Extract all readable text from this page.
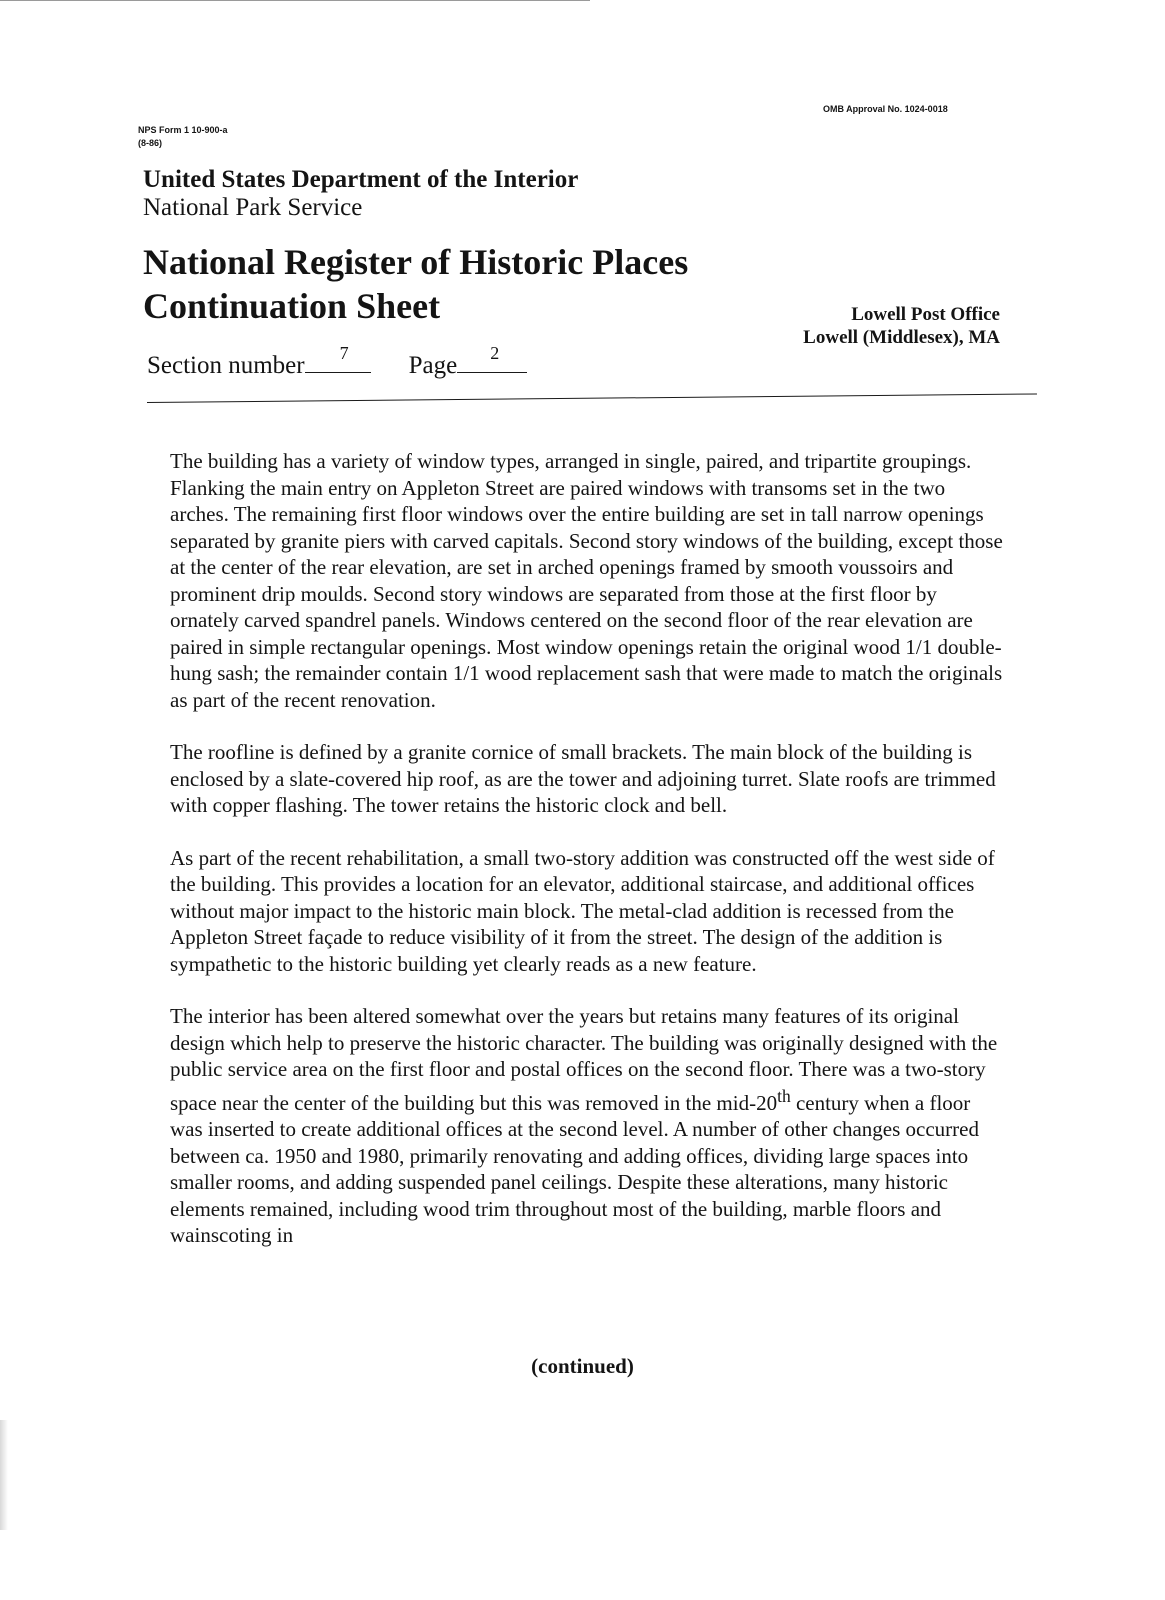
NPS Form 1 10-900-a
(8-86)
OMB Approval No. 1024-0018
United States Department of the Interior
National Park Service
National Register of Historic Places
Continuation Sheet	Lowell Post Office
Lowell (Middlesex), MA
Section number 7 Page 2

The building has a variety of window types, arranged in single, paired, and tripartite groupings. Flanking the main entry on Appleton Street are paired windows with transoms set in the two arches. The remaining first floor windows over the entire building are set in tall narrow openings separated by granite piers with carved capitals. Second story windows of the building, except those at the center of the rear elevation, are set in arched openings framed by smooth voussoirs and prominent drip moulds. Second story windows are separated from those at the first floor by ornately carved spandrel panels. Windows centered on the second floor of the rear elevation are paired in simple rectangular openings. Most window openings retain the original wood 1/1 double-hung sash; the remainder contain 1/1 wood replacement sash that were made to match the originals as part of the recent renovation.

The roofline is defined by a granite cornice of small brackets. The main block of the building is enclosed by a slate-covered hip roof, as are the tower and adjoining turret. Slate roofs are trimmed with copper flashing. The tower retains the historic clock and bell.

As part of the recent rehabilitation, a small two-story addition was constructed off the west side of the building. This provides a location for an elevator, additional staircase, and additional offices without major impact to the historic main block. The metal-clad addition is recessed from the Appleton Street façade to reduce visibility of it from the street. The design of the addition is sympathetic to the historic building yet clearly reads as a new feature.

The interior has been altered somewhat over the years but retains many features of its original design which help to preserve the historic character. The building was originally designed with the public service area on the first floor and postal offices on the second floor. There was a two-story space near the center of the building but this was removed in the mid-20th century when a floor was inserted to create additional offices at the second level. A number of other changes occurred between ca. 1950 and 1980, primarily renovating and adding offices, dividing large spaces into smaller rooms, and adding suspended panel ceilings. Despite these alterations, many historic elements remained, including wood trim throughout most of the building, marble floors and wainscoting in

(continued)
